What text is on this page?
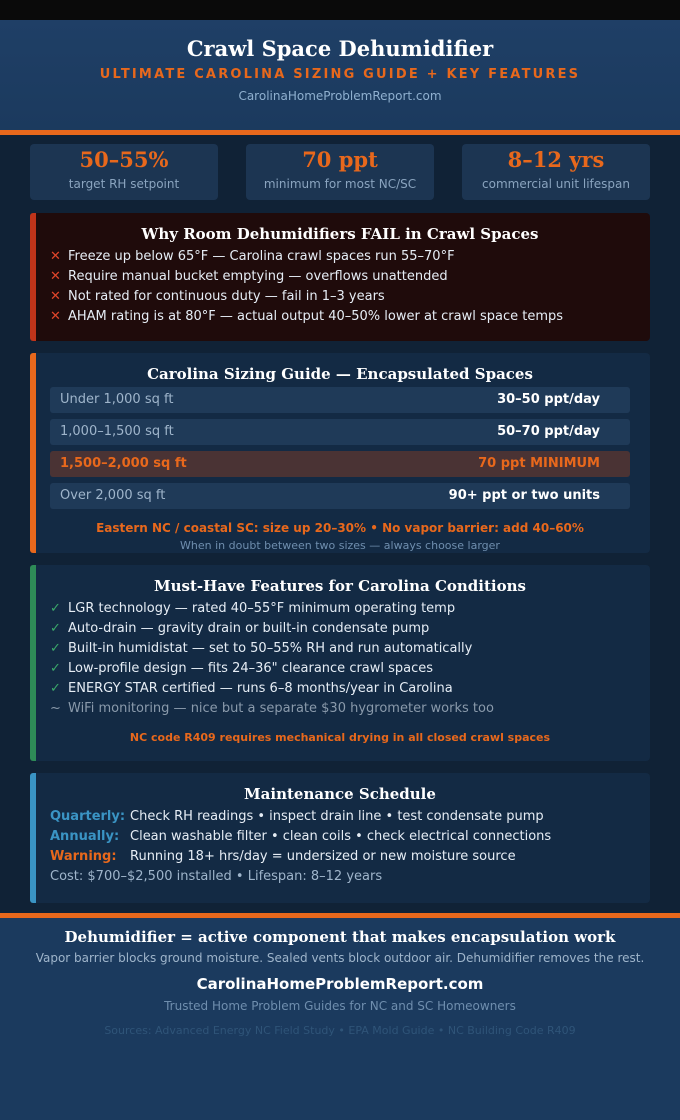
Crawl Space Dehumidifier
ULTIMATE CAROLINA SIZING GUIDE + KEY FEATURES
CarolinaHomeProblemReport.com
50–55%
target RH setpoint
70 ppt
minimum for most NC/SC
8–12 yrs
commercial unit lifespan
Why Room Dehumidifiers FAIL in Crawl Spaces
✕ Freeze up below 65°F — Carolina crawl spaces run 55–70°F
✕ Require manual bucket emptying — overflows unattended
✕ Not rated for continuous duty — fail in 1–3 years
✕ AHAM rating is at 80°F — actual output 40–50% lower at crawl space temps
Carolina Sizing Guide — Encapsulated Spaces
Under 1,000 sq ft	30–50 ppt/day
1,000–1,500 sq ft	50–70 ppt/day
1,500–2,000 sq ft	70 ppt MINIMUM
Over 2,000 sq ft	90+ ppt or two units
Eastern NC / coastal SC: size up 20–30% • No vapor barrier: add 40–60%
When in doubt between two sizes — always choose larger
Must-Have Features for Carolina Conditions
✓ LGR technology — rated 40–55°F minimum operating temp
✓ Auto-drain — gravity drain or built-in condensate pump
✓ Built-in humidistat — set to 50–55% RH and run automatically
✓ Low-profile design — fits 24–36" clearance crawl spaces
✓ ENERGY STAR certified — runs 6–8 months/year in Carolina
~ WiFi monitoring — nice but a separate $30 hygrometer works too
NC code R409 requires mechanical drying in all closed crawl spaces
Maintenance Schedule
Quarterly: Check RH readings • inspect drain line • test condensate pump
Annually: Clean washable filter • clean coils • check electrical connections
Warning: Running 18+ hrs/day = undersized or new moisture source
Cost: $700–$2,500 installed • Lifespan: 8–12 years
Dehumidifier = active component that makes encapsulation work
Vapor barrier blocks ground moisture. Sealed vents block outdoor air. Dehumidifier removes the rest.
CarolinaHomeProblemReport.com
Trusted Home Problem Guides for NC and SC Homeowners
Sources: Advanced Energy NC Field Study • EPA Mold Guide • NC Building Code R409
